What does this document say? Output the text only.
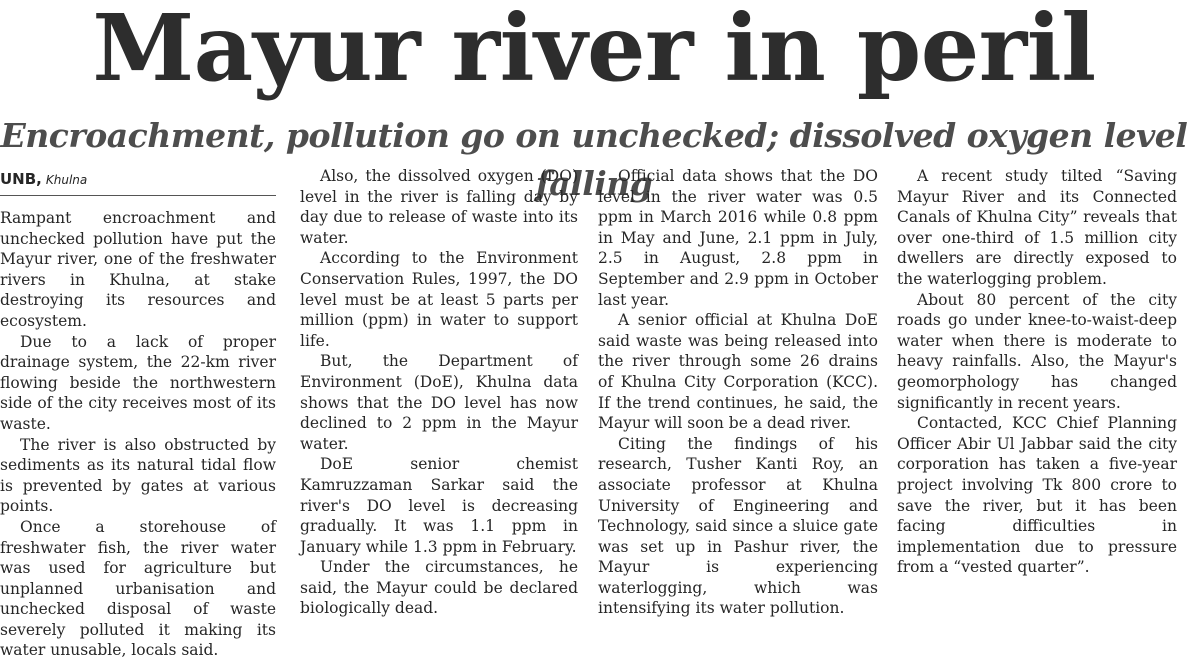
Mayur river in peril
Encroachment, pollution go on unchecked; dissolved oxygen level falling
UNB, Khulna

Rampant encroachment and unchecked pollution have put the Mayur river, one of the freshwater rivers in Khulna, at stake destroying its resources and ecosystem.

Due to a lack of proper drainage system, the 22-km river flowing beside the northwestern side of the city receives most of its waste.

The river is also obstructed by sediments as its natural tidal flow is prevented by gates at various points.

Once a storehouse of freshwater fish, the river water was used for agriculture but unplanned urbanisation and unchecked disposal of waste severely polluted it making its water unusable, locals said.

Also, the dissolved oxygen (DO) level in the river is falling day by day due to release of waste into its water.

According to the Environment Conservation Rules, 1997, the DO level must be at least 5 parts per million (ppm) in water to support life.

But, the Department of Environment (DoE), Khulna data shows that the DO level has now declined to 2 ppm in the Mayur water.

DoE senior chemist Kamruzzaman Sarkar said the river's DO level is decreasing gradually. It was 1.1 ppm in January while 1.3 ppm in February.

Under the circumstances, he said, the Mayur could be declared biologically dead.

Official data shows that the DO level in the river water was 0.5 ppm in March 2016 while 0.8 ppm in May and June, 2.1 ppm in July, 2.5 in August, 2.8 ppm in September and 2.9 ppm in October last year.

A senior official at Khulna DoE said waste was being released into the river through some 26 drains of Khulna City Corporation (KCC). If the trend continues, he said, the Mayur will soon be a dead river.

Citing the findings of his research, Tusher Kanti Roy, an associate professor at Khulna University of Engineering and Technology, said since a sluice gate was set up in Pashur river, the Mayur is experiencing waterlogging, which was intensifying its water pollution.

A recent study tilted “Saving Mayur River and its Connected Canals of Khulna City” reveals that over one-third of 1.5 million city dwellers are directly exposed to the waterlogging problem.

About 80 percent of the city roads go under knee-to-waist-deep water when there is moderate to heavy rainfalls. Also, the Mayur's geomorphology has changed significantly in recent years.

Contacted, KCC Chief Planning Officer Abir Ul Jabbar said the city corporation has taken a five-year project involving Tk 800 crore to save the river, but it has been facing difficulties in implementation due to pressure from a “vested quarter”.
